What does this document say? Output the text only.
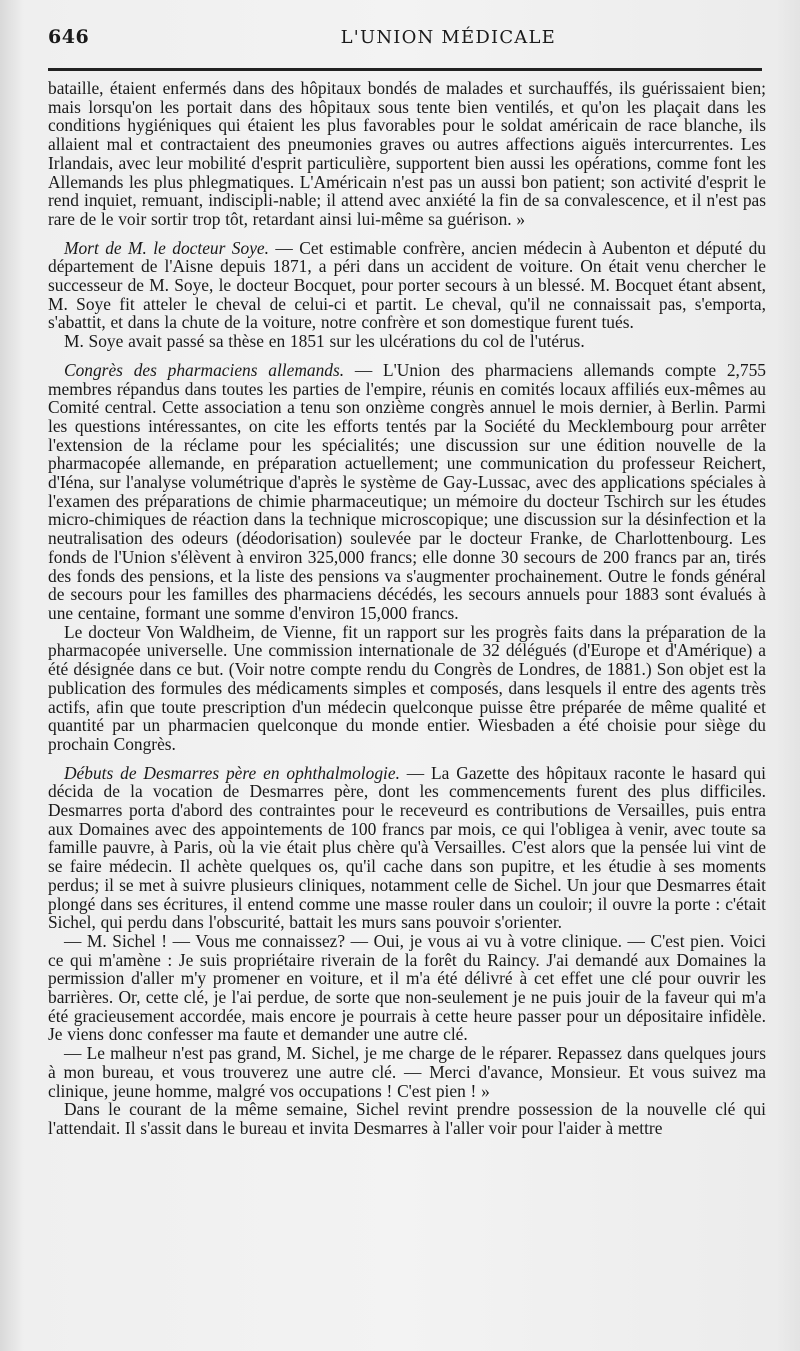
646	L'UNION MÉDICALE

bataille, étaient enfermés dans des hôpitaux bondés de malades et surchauffés, ils guérissaient bien; mais lorsqu'on les portait dans des hôpitaux sous tente bien ventilés, et qu'on les plaçait dans les conditions hygiéniques qui étaient les plus favorables pour le soldat américain de race blanche, ils allaient mal et contractaient des pneumonies graves ou autres affections aiguës intercurrentes. Les Irlandais, avec leur mobilité d'esprit particulière, supportent bien aussi les opérations, comme font les Allemands les plus phlegmatiques. L'Américain n'est pas un aussi bon patient; son activité d'esprit le rend inquiet, remuant, indiscipli-nable; il attend avec anxiété la fin de sa convalescence, et il n'est pas rare de le voir sortir trop tôt, retardant ainsi lui-même sa guérison. »

Mort de M. le docteur Soye. — Cet estimable confrère, ancien médecin à Aubenton et député du département de l'Aisne depuis 1871, a péri dans un accident de voiture. On était venu chercher le successeur de M. Soye, le docteur Bocquet, pour porter secours à un blessé. M. Bocquet étant absent, M. Soye fit atteler le cheval de celui-ci et partit. Le cheval, qu'il ne connaissait pas, s'emporta, s'abattit, et dans la chute de la voiture, notre confrère et son domestique furent tués.

M. Soye avait passé sa thèse en 1851 sur les ulcérations du col de l'utérus.

Congrès des pharmaciens allemands. — L'Union des pharmaciens allemands compte 2,755 membres répandus dans toutes les parties de l'empire, réunis en comités locaux affiliés eux-mêmes au Comité central. Cette association a tenu son onzième congrès annuel le mois dernier, à Berlin. Parmi les questions intéressantes, on cite les efforts tentés par la Société du Mecklembourg pour arrêter l'extension de la réclame pour les spécialités; une discussion sur une édition nouvelle de la pharmacopée allemande, en préparation actuellement; une communication du professeur Reichert, d'Iéna, sur l'analyse volumétrique d'après le système de Gay-Lussac, avec des applications spéciales à l'examen des préparations de chimie pharmaceutique; un mémoire du docteur Tschirch sur les études micro-chimiques de réaction dans la technique microscopique; une discussion sur la désinfection et la neutralisation des odeurs (déodorisation) soulevée par le docteur Franke, de Charlottenbourg. Les fonds de l'Union s'élèvent à environ 325,000 francs; elle donne 30 secours de 200 francs par an, tirés des fonds des pensions, et la liste des pensions va s'augmenter prochainement. Outre le fonds général de secours pour les familles des pharmaciens décédés, les secours annuels pour 1883 sont évalués à une centaine, formant une somme d'environ 15,000 francs.

Le docteur Von Waldheim, de Vienne, fit un rapport sur les progrès faits dans la préparation de la pharmacopée universelle. Une commission internationale de 32 délégués (d'Europe et d'Amérique) a été désignée dans ce but. (Voir notre compte rendu du Congrès de Londres, de 1881.) Son objet est la publication des formules des médicaments simples et composés, dans lesquels il entre des agents très actifs, afin que toute prescription d'un médecin quelconque puisse être préparée de même qualité et quantité par un pharmacien quelconque du monde entier. Wiesbaden a été choisie pour siège du prochain Congrès.

Débuts de Desmarres père en ophthalmologie. — La Gazette des hôpitaux raconte le hasard qui décida de la vocation de Desmarres père, dont les commencements furent des plus difficiles. Desmarres porta d'abord des contraintes pour le receveurd es contributions de Versailles, puis entra aux Domaines avec des appointements de 100 francs par mois, ce qui l'obligea à venir, avec toute sa famille pauvre, à Paris, où la vie était plus chère qu'à Versailles. C'est alors que la pensée lui vint de se faire médecin. Il achète quelques os, qu'il cache dans son pupitre, et les étudie à ses moments perdus; il se met à suivre plusieurs cliniques, notamment celle de Sichel. Un jour que Desmarres était plongé dans ses écritures, il entend comme une masse rouler dans un couloir; il ouvre la porte : c'était Sichel, qui perdu dans l'obscurité, battait les murs sans pouvoir s'orienter.

— M. Sichel ! — Vous me connaissez? — Oui, je vous ai vu à votre clinique. — C'est pien. Voici ce qui m'amène : Je suis propriétaire riverain de la forêt du Raincy. J'ai demandé aux Domaines la permission d'aller m'y promener en voiture, et il m'a été délivré à cet effet une clé pour ouvrir les barrières. Or, cette clé, je l'ai perdue, de sorte que non-seulement je ne puis jouir de la faveur qui m'a été gracieusement accordée, mais encore je pourrais à cette heure passer pour un dépositaire infidèle. Je viens donc confesser ma faute et demander une autre clé.

— Le malheur n'est pas grand, M. Sichel, je me charge de le réparer. Repassez dans quelques jours à mon bureau, et vous trouverez une autre clé. — Merci d'avance, Monsieur. Et vous suivez ma clinique, jeune homme, malgré vos occupations ! C'est pien ! »

Dans le courant de la même semaine, Sichel revint prendre possession de la nouvelle clé qui l'attendait. Il s'assit dans le bureau et invita Desmarres à l'aller voir pour l'aider à mettre
